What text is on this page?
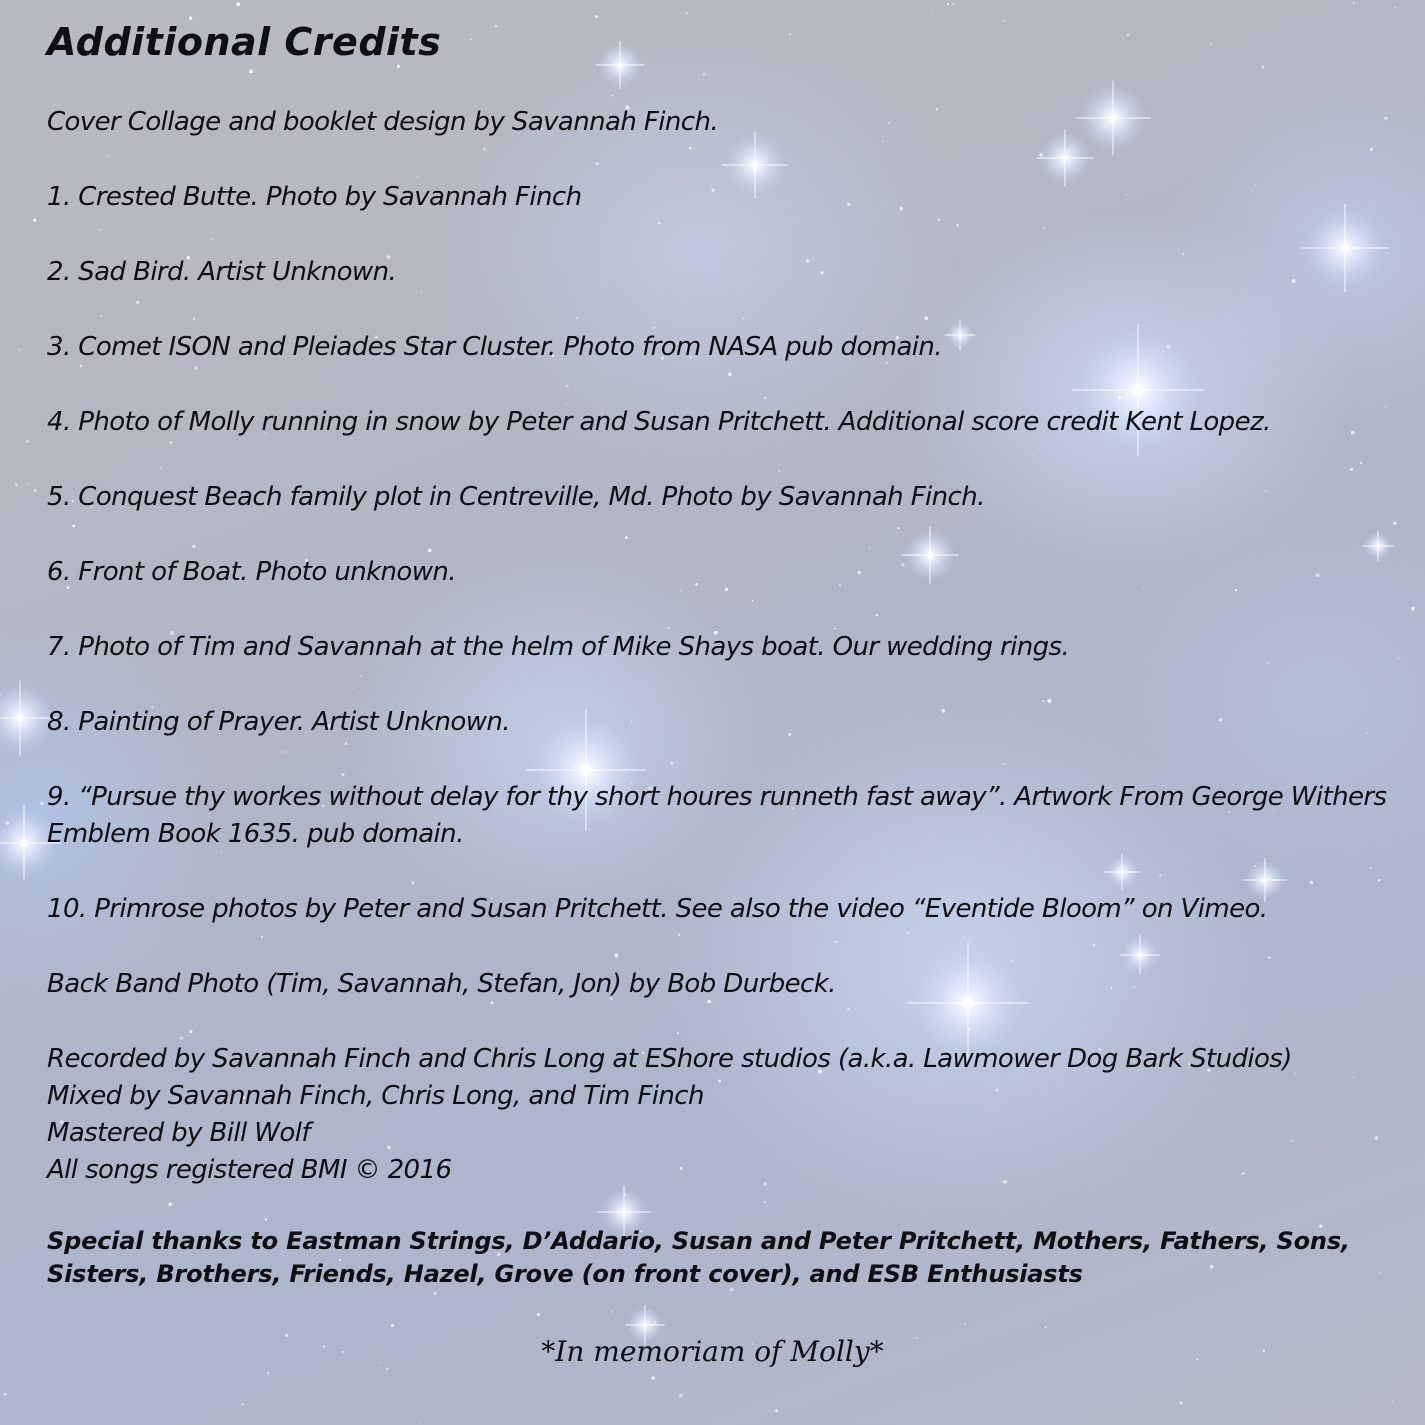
Additional Credits

Cover Collage and booklet design by Savannah Finch.

1. Crested Butte. Photo by Savannah Finch

2. Sad Bird. Artist Unknown.

3. Comet ISON and Pleiades Star Cluster. Photo from NASA pub domain.

4. Photo of Molly running in snow by Peter and Susan Pritchett. Additional score credit Kent Lopez.

5. Conquest Beach family plot in Centreville, Md. Photo by Savannah Finch.

6. Front of Boat. Photo unknown.

7. Photo of Tim and Savannah at the helm of Mike Shays boat. Our wedding rings.

8. Painting of Prayer. Artist Unknown.

9. “Pursue thy workes without delay for thy short houres runneth fast away”. Artwork From George Withers Emblem Book 1635. pub domain.

10. Primrose photos by Peter and Susan Pritchett. See also the video “Eventide Bloom” on Vimeo.

Back Band Photo (Tim, Savannah, Stefan, Jon) by Bob Durbeck.

Recorded by Savannah Finch and Chris Long at EShore studios (a.k.a. Lawmower Dog Bark Studios)

Mixed by Savannah Finch, Chris Long, and Tim Finch

Mastered by Bill Wolf

All songs registered BMI © 2016

Special thanks to Eastman Strings, D’Addario, Susan and Peter Pritchett, Mothers, Fathers, Sons, Sisters, Brothers, Friends, Hazel, Grove (on front cover), and ESB Enthusiasts

*In memoriam of Molly*
